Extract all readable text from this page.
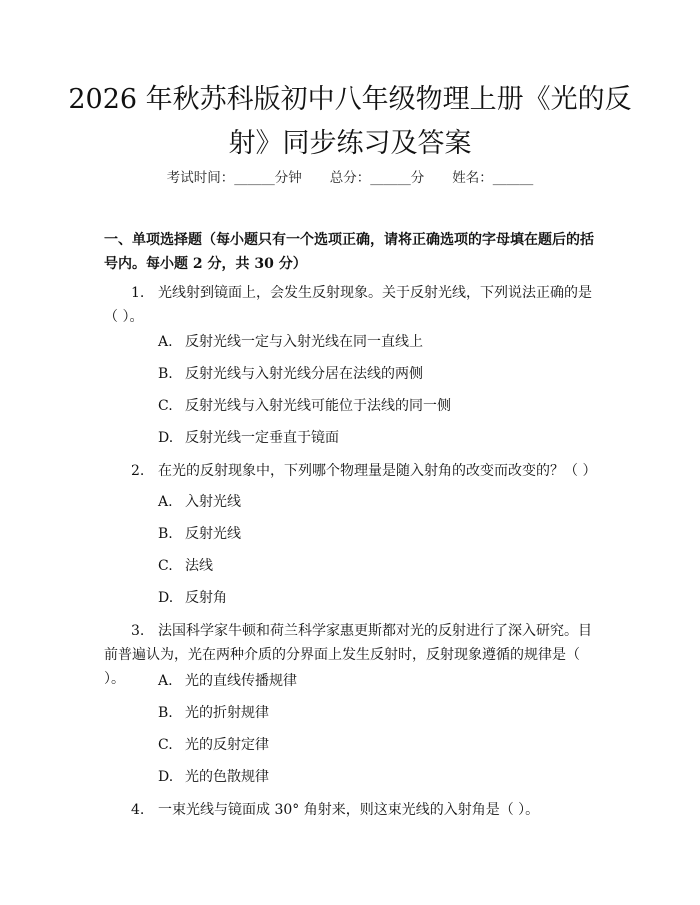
2026 年秋苏科版初中八年级物理上册《光的反射》同步练习及答案
考试时间：______分钟 总分：______分 姓名：______

一、单项选择题（每小题只有一个选项正确，请将正确选项的字母填在题后的括号内。每小题 2 分，共 30 分）

1. 光线射到镜面上，会发生反射现象。关于反射光线，下列说法正确的是（ ）。

A. 反射光线一定与入射光线在同一直线上
B. 反射光线与入射光线分居在法线的两侧
C. 反射光线与入射光线可能位于法线的同一侧
D. 反射光线一定垂直于镜面

2. 在光的反射现象中，下列哪个物理量是随入射角的改变而改变的？（ ）

A. 入射光线
B. 反射光线
C. 法线
D. 反射角

3. 法国科学家牛顿和荷兰科学家惠更斯都对光的反射进行了深入研究。目前普遍认为，光在两种介质的分界面上发生反射时，反射现象遵循的规律是（ ）。	A. 光的直线传播规律
B. 光的折射规律
C. 光的反射定律
D. 光的色散规律

4. 一束光线与镜面成 30° 角射来，则这束光线的入射角是（ ）。
